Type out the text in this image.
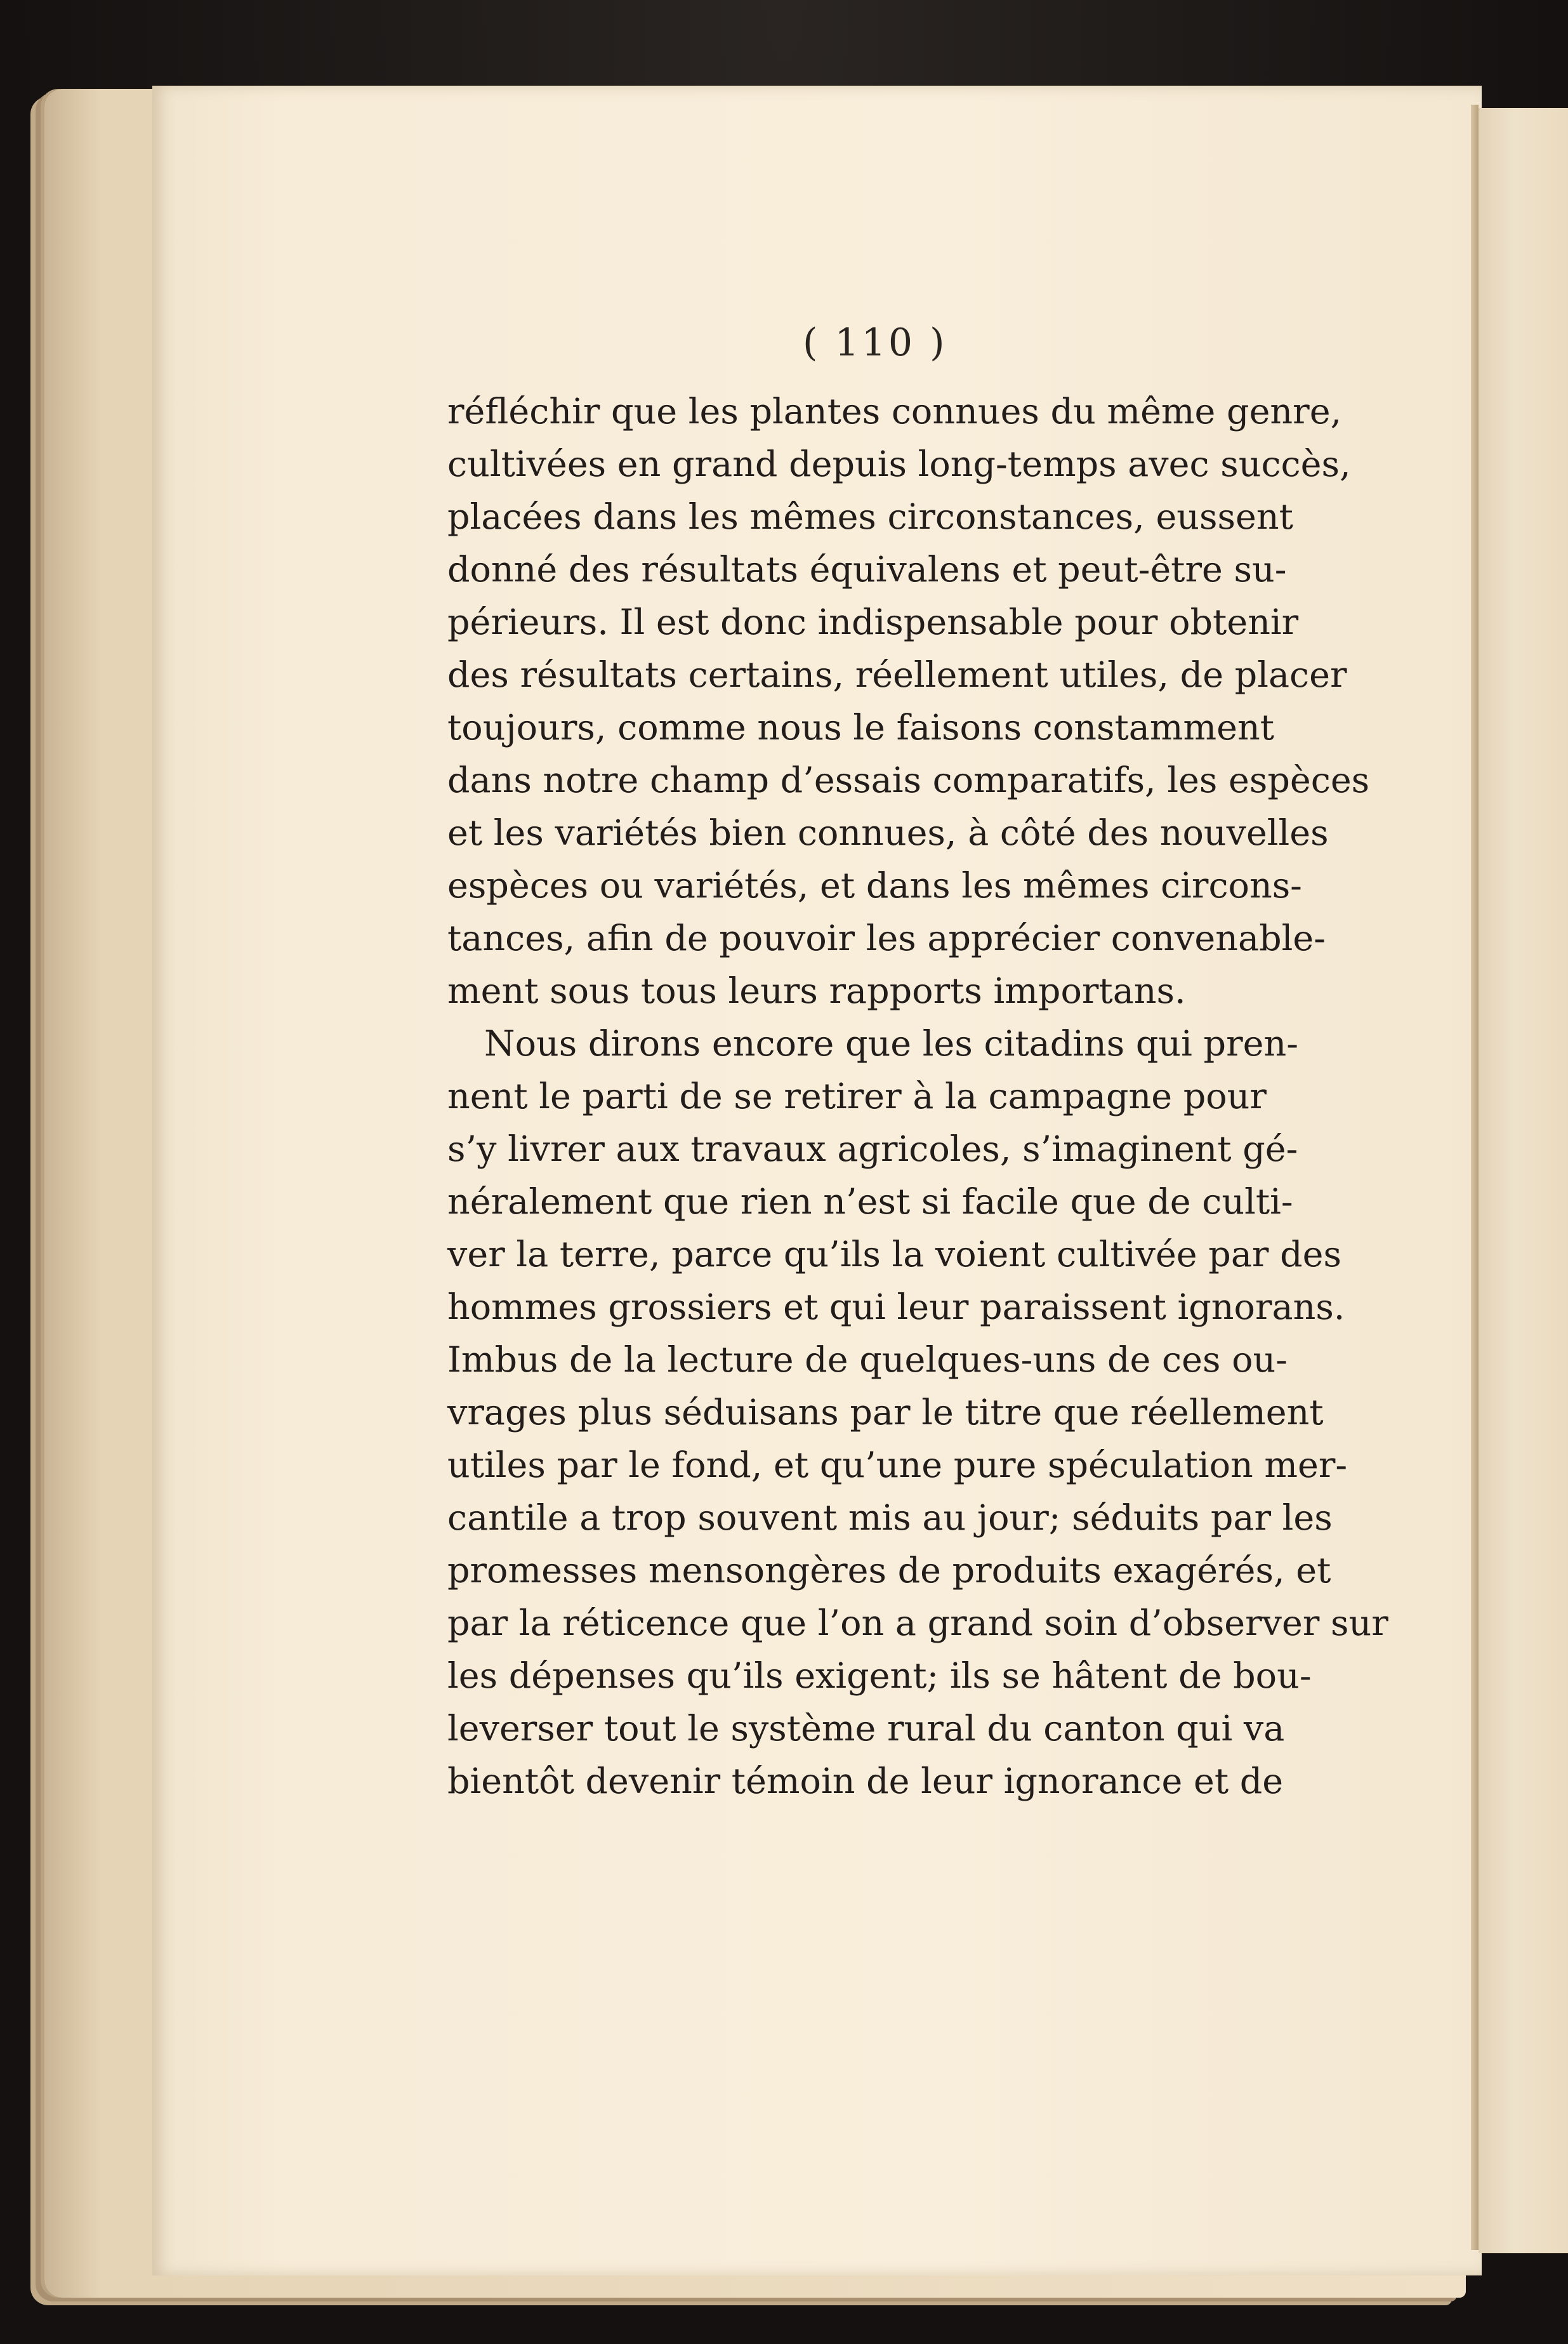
( 110 )
réfléchir que les plantes connues du même genre,
cultivées en grand depuis long-temps avec succès,
placées dans les mêmes circonstances, eussent
donné des résultats équivalens et peut-être su-
périeurs. Il est donc indispensable pour obtenir
des résultats certains, réellement utiles, de placer
toujours, comme nous le faisons constamment
dans notre champ d’essais comparatifs, les espèces
et les variétés bien connues, à côté des nouvelles
espèces ou variétés, et dans les mêmes circons-
tances, afin de pouvoir les apprécier convenable-
ment sous tous leurs rapports importans.
Nous dirons encore que les citadins qui pren-
nent le parti de se retirer à la campagne pour
s’y livrer aux travaux agricoles, s’imaginent gé-
néralement que rien n’est si facile que de culti-
ver la terre, parce qu’ils la voient cultivée par des
hommes grossiers et qui leur paraissent ignorans.
Imbus de la lecture de quelques-uns de ces ou-
vrages plus séduisans par le titre que réellement
utiles par le fond, et qu’une pure spéculation mer-
cantile a trop souvent mis au jour; séduits par les
promesses mensongères de produits exagérés, et
par la réticence que l’on a grand soin d’observer sur
les dépenses qu’ils exigent; ils se hâtent de bou-
leverser tout le système rural du canton qui va
bientôt devenir témoin de leur ignorance et de
